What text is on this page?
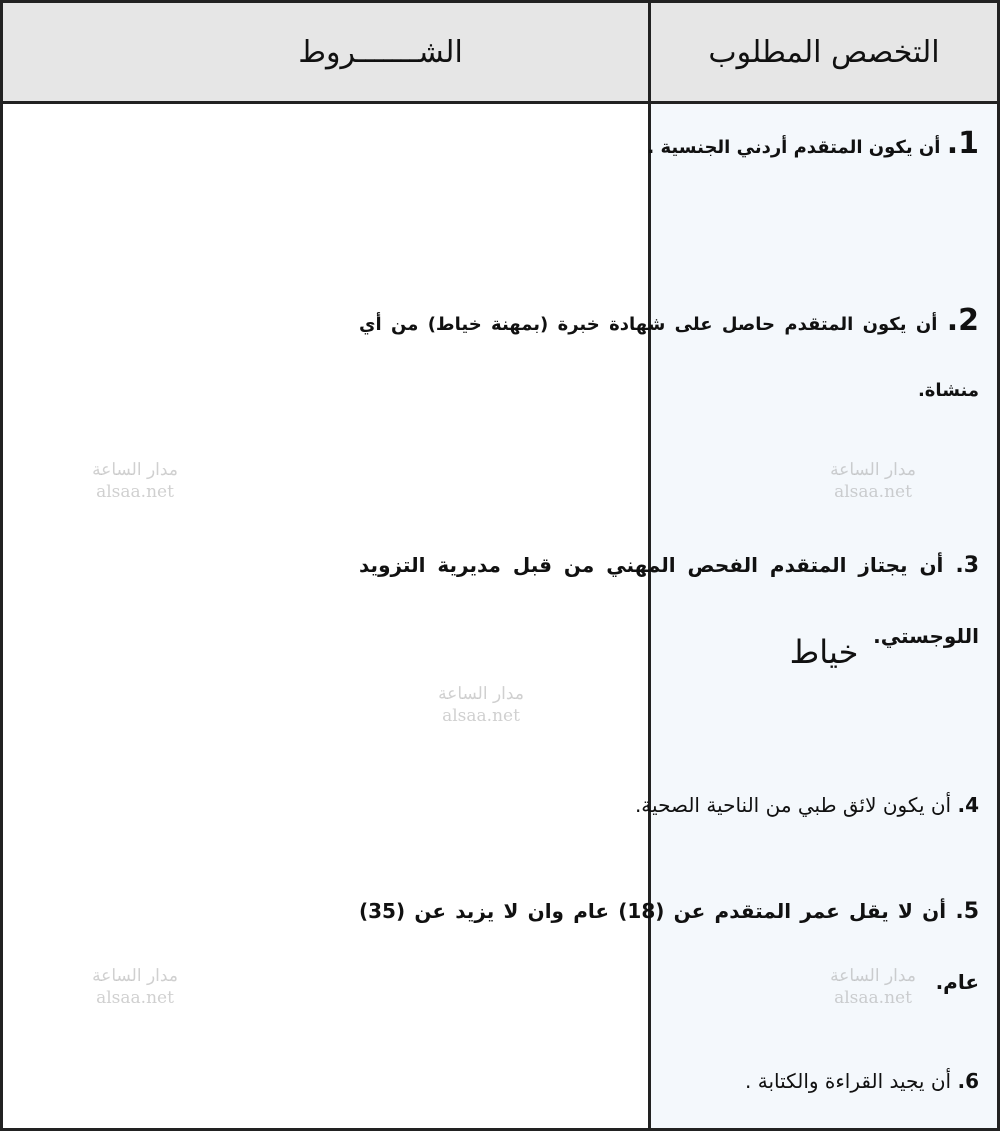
الشـــــــروط	التخصص المطلوب
خياط
1. أن يكون المتقدم أردني الجنسية .
2. أن يكون المتقدم حاصل على شهادة خبرة (بمهنة خياط) من أي منشاة.
3. أن يجتاز المتقدم الفحص المهني من قبل مديرية التزويد اللوجستي.
4. أن يكون لائق طبي من الناحية الصحية.
5. أن لا يقل عمر المتقدم عن (18) عام وان لا يزيد عن (35) عام.
6. أن يجيد القراءة والكتابة .
مدار الساعة
alsaa.net
مدار الساعة
alsaa.net
مدار الساعة
alsaa.net
مدار الساعة
alsaa.net
مدار الساعة
alsaa.net
